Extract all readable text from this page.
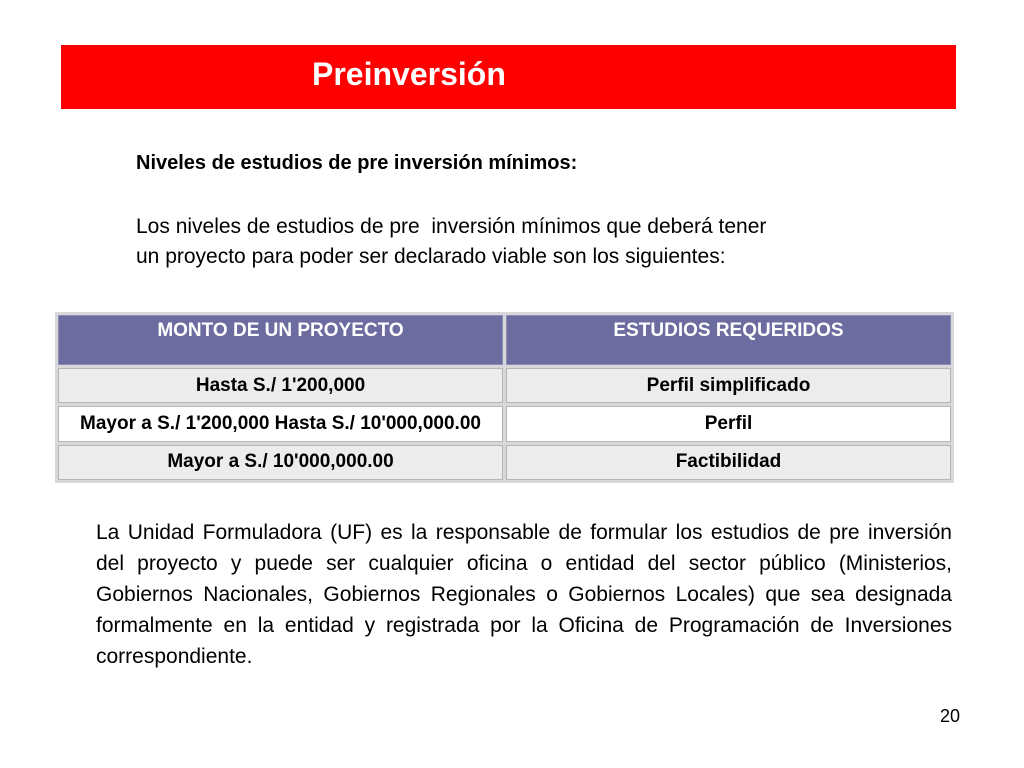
Preinversión
Niveles de estudios de pre inversión mínimos:

Los niveles de estudios de pre  inversión mínimos que deberá tener
un proyecto para poder ser declarado viable son los siguientes:

MONTO DE UN PROYECTO	ESTUDIOS REQUERIDOS
Hasta S./ 1'200,000	Perfil simplificado
Mayor a S./ 1'200,000 Hasta S./ 10'000,000.00	Perfil
Mayor a S./ 10'000,000.00	Factibilidad

La Unidad Formuladora (UF) es la responsable de formular los estudios de pre inversión del proyecto y puede ser cualquier oficina o entidad del sector público (Ministerios, Gobiernos Nacionales, Gobiernos Regionales o Gobiernos Locales) que sea designada formalmente en la entidad y registrada por la Oficina de Programación de Inversiones correspondiente.

20
